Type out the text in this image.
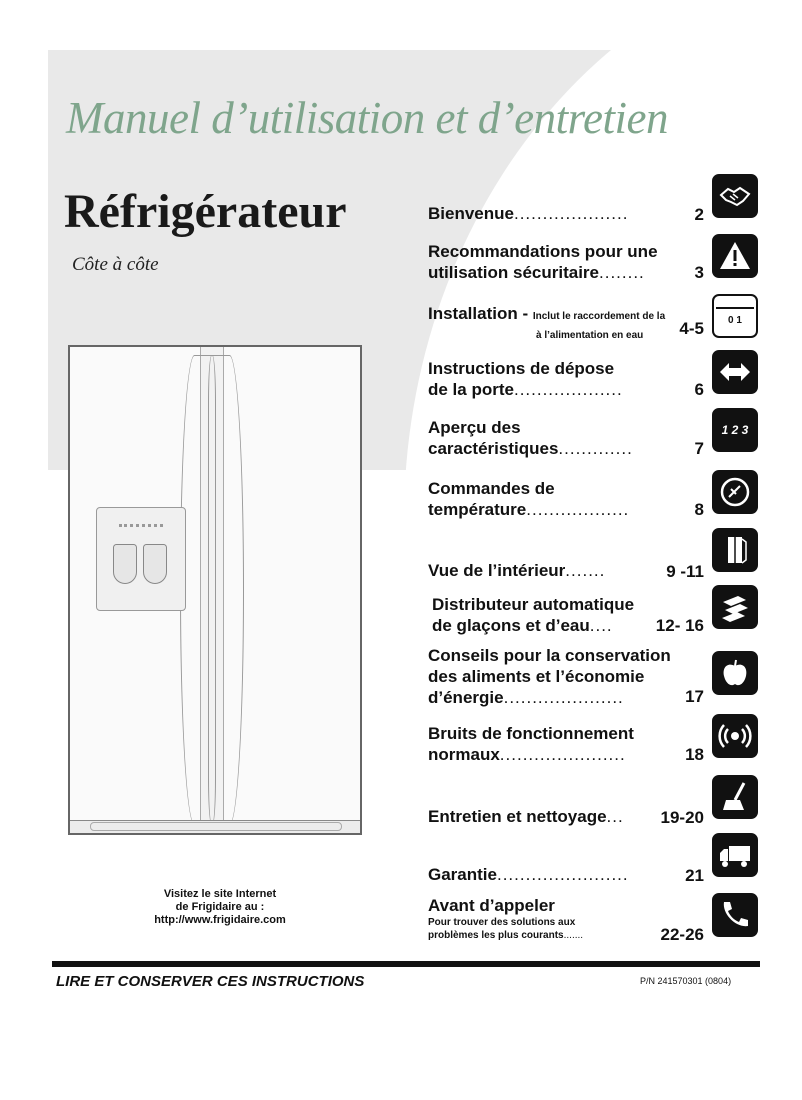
Manuel d’utilisation et d’entretien
Réfrigérateur
Côte à côte
Visitez le site Internet
de Frigidaire au :
http://www.frigidaire.com
Bienvenue....................	2
Recommandations pour une
utilisation sécuritaire........	3
Installation - Inclut le raccordement de la
à l’alimentation en eau	4-5	0 1
Instructions de dépose
de la porte...................	6
Aperçu des
caractéristiques.............	7
1 2 3
Commandes de
température..................	8
Vue de l’intérieur.......	9 -11
Distributeur automatique
de glaçons et d’eau....	12- 16
Conseils pour la conservation
des aliments et l’économie
d’énergie.....................	17
Bruits de fonctionnement
normaux......................	18
Entretien et nettoyage...	19-20
Garantie.......................	21
Avant d’appeler
Pour trouver des solutions aux
problèmes les plus courants.......	22-26
LIRE ET CONSERVER CES INSTRUCTIONS	P/N 241570301 (0804)
